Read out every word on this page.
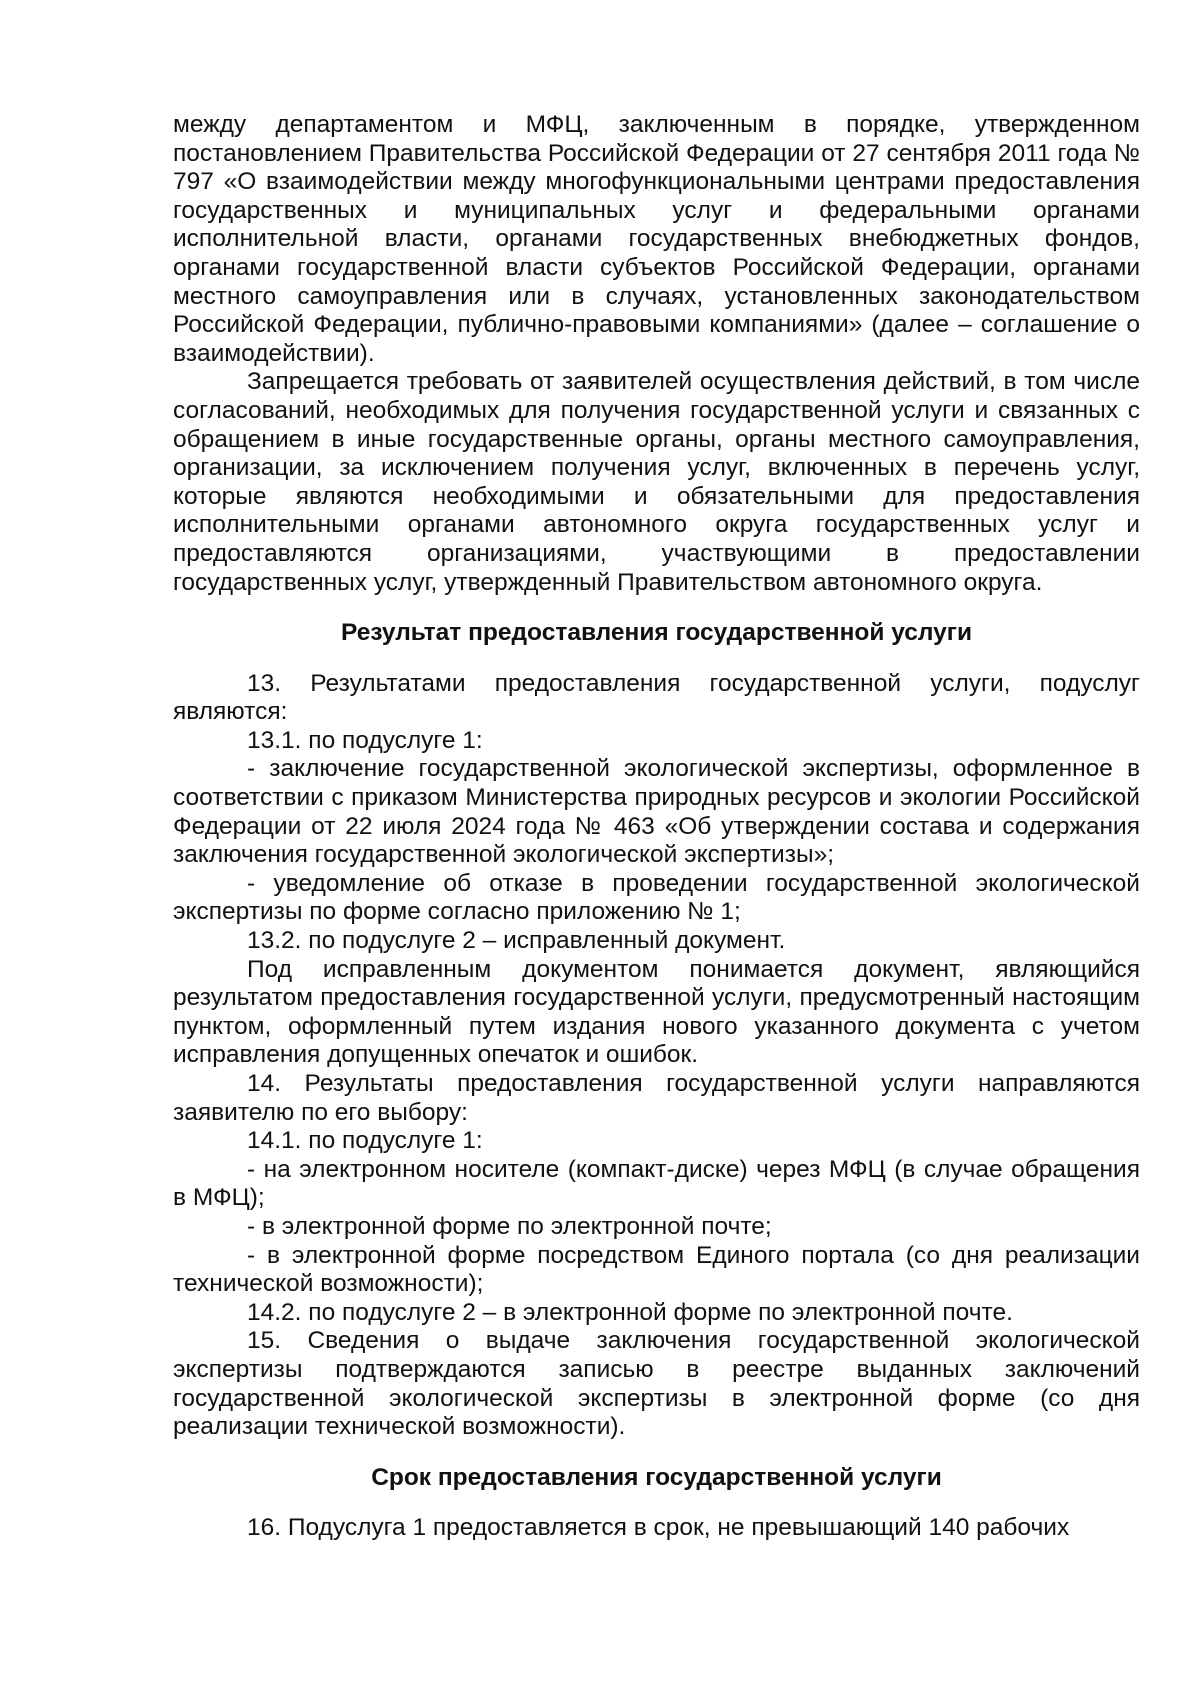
между департаментом и МФЦ, заключенным в порядке, утвержденном постановлением Правительства Российской Федерации от 27 сентября 2011 года № 797 «О взаимодействии между многофункциональными центрами предоставления государственных и муниципальных услуг и федеральными органами исполнительной власти, органами государственных внебюджетных фондов, органами государственной власти субъектов Российской Федерации, органами местного самоуправления или в случаях, установленных законодательством Российской Федерации, публично-правовыми компаниями» (далее – соглашение о взаимодействии).

Запрещается требовать от заявителей осуществления действий, в том числе согласований, необходимых для получения государственной услуги и связанных с обращением в иные государственные органы, органы местного самоуправления, организации, за исключением получения услуг, включенных в перечень услуг, которые являются необходимыми и обязательными для предоставления исполнительными органами автономного округа государственных услуг и предоставляются организациями, участвующими в предоставлении государственных услуг, утвержденный Правительством автономного округа.

Результат предоставления государственной услуги

13. Результатами предоставления государственной услуги, подуслуг являются:

13.1. по подуслуге 1:

- заключение государственной экологической экспертизы, оформленное в соответствии с приказом Министерства природных ресурсов и экологии Российской Федерации от 22 июля 2024 года № 463 «Об утверждении состава и содержания заключения государственной экологической экспертизы»;

- уведомление об отказе в проведении государственной экологической экспертизы по форме согласно приложению № 1;

13.2. по подуслуге 2 – исправленный документ.

Под исправленным документом понимается документ, являющийся результатом предоставления государственной услуги, предусмотренный настоящим пунктом, оформленный путем издания нового указанного документа с учетом исправления допущенных опечаток и ошибок.

14. Результаты предоставления государственной услуги направляются заявителю по его выбору:

14.1. по подуслуге 1:

- на электронном носителе (компакт-диске) через МФЦ (в случае обращения в МФЦ);

- в электронной форме по электронной почте;

- в электронной форме посредством Единого портала (со дня реализации технической возможности);

14.2. по подуслуге 2 – в электронной форме по электронной почте.

15. Сведения о выдаче заключения государственной экологической экспертизы подтверждаются записью в реестре выданных заключений государственной экологической экспертизы в электронной форме (со дня реализации технической возможности).

Срок предоставления государственной услуги

16. Подуслуга 1 предоставляется в срок, не превышающий 140 рабочих
